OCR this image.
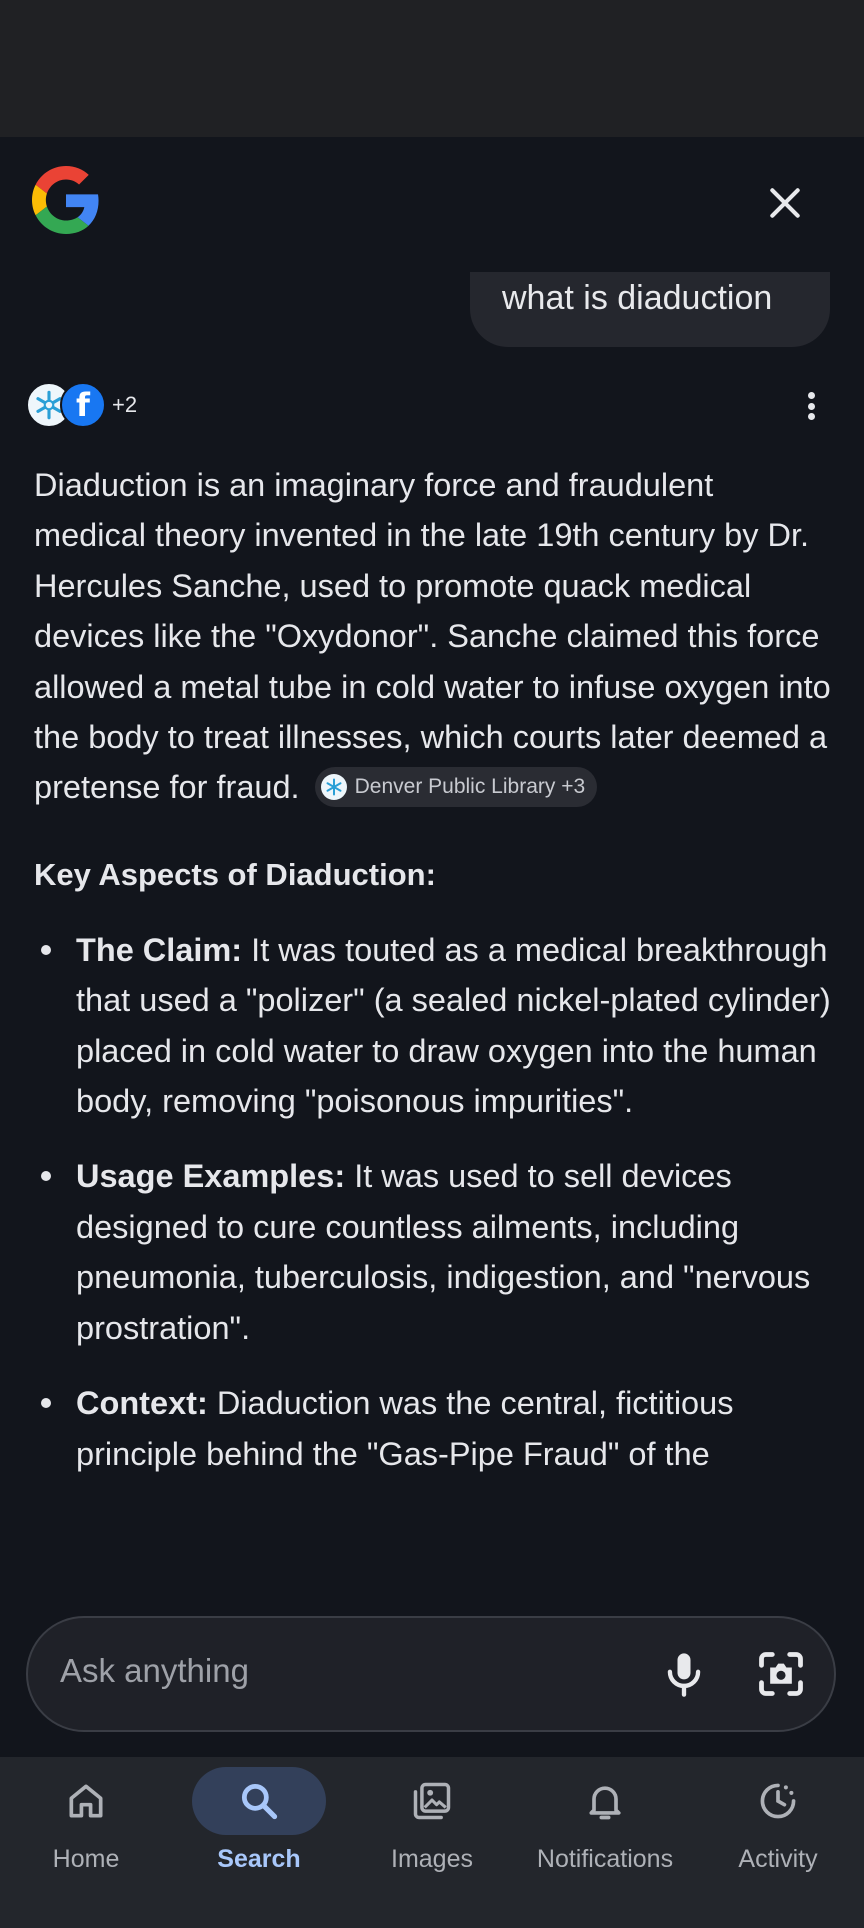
what is diaduction
f	+2

Diaduction is an imaginary force and fraudulent medical theory invented in the late 19th century by Dr. Hercules Sanche, used to promote quack medical devices like the "Oxydonor". Sanche claimed this force allowed a metal tube in cold water to infuse oxygen into the body to treat illnesses, which courts later deemed a pretense for fraud.	Denver Public Library +3

Key Aspects of Diaduction:
The Claim: It was touted as a medical breakthrough that used a "polizer" (a sealed nickel-plated cylinder) placed in cold water to draw oxygen into the human body, removing "poisonous impurities".
Usage Examples: It was used to sell devices designed to cure countless ailments, including pneumonia, tuberculosis, indigestion, and "nervous prostration".
Context: Diaduction was the central, fictitious principle behind the "Gas-Pipe Fraud" of the
Ask anything
Home	Search	Images	Notifications	Activity
